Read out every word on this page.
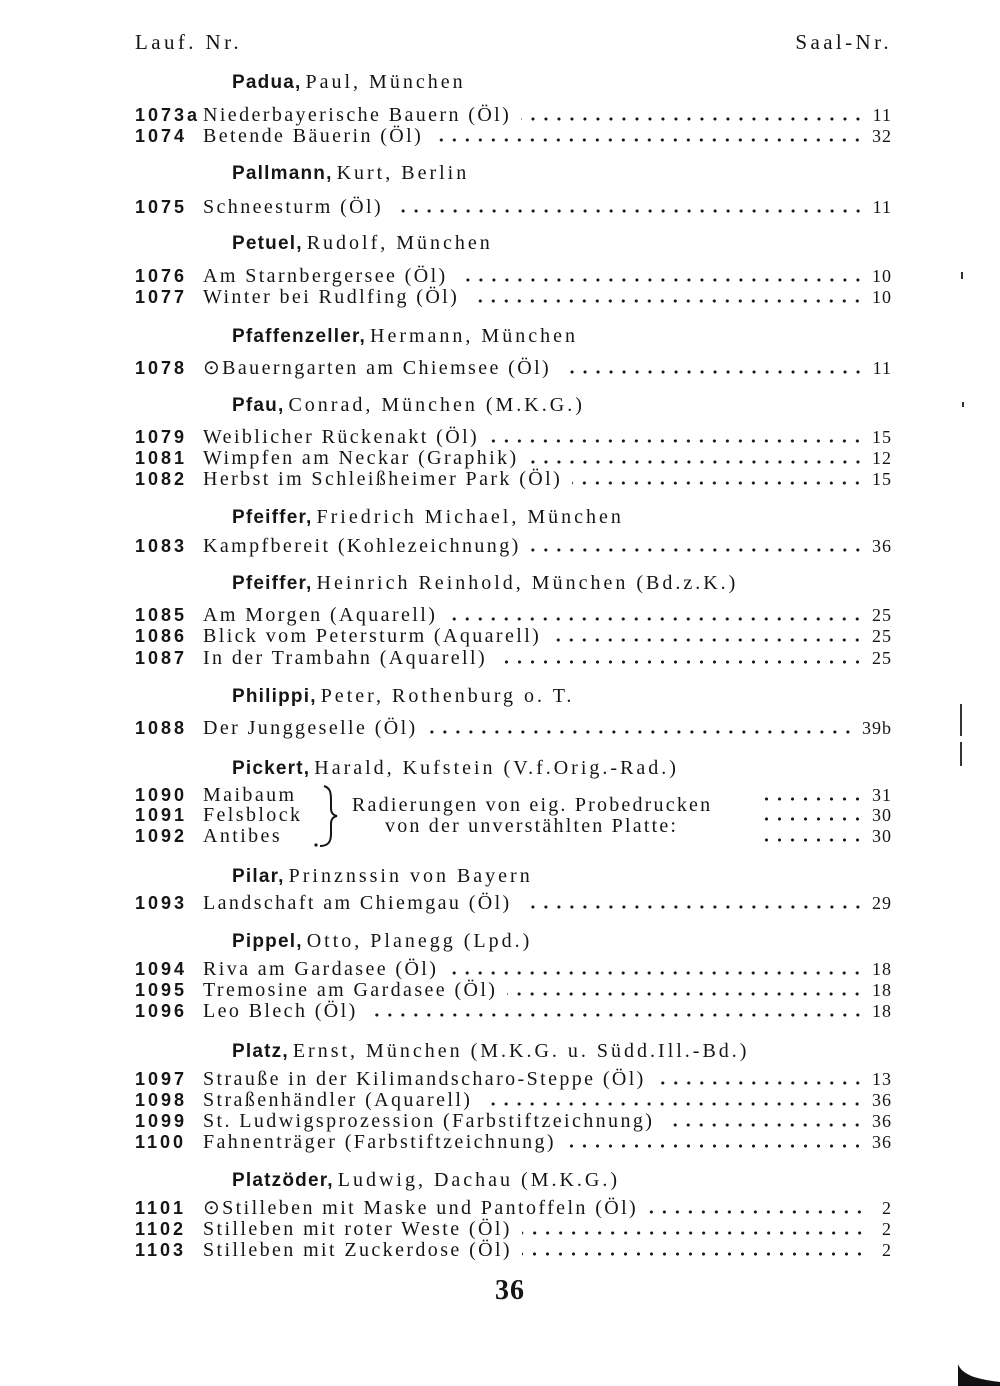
Lauf. Nr.	Saal-Nr.
Padua, Paul, München
1073a Niederbayerische Bauern (Öl)	11
1074 Betende Bäuerin (Öl)	32
Pallmann, Kurt, Berlin
1075 Schneesturm (Öl)	11
Petuel, Rudolf, München
1076 Am Starnbergersee (Öl)	10
1077 Winter bei Rudlfing (Öl)	10
Pfaffenzeller, Hermann, München
1078 ⊙Bauerngarten am Chiemsee (Öl)	11
Pfau, Conrad, München (M.K.G.)
1079 Weiblicher Rückenakt (Öl)	15
1081 Wimpfen am Neckar (Graphik)	12
1082 Herbst im Schleißheimer Park (Öl)	15
Pfeiffer, Friedrich Michael, München
1083 Kampfbereit (Kohlezeichnung)	36
Pfeiffer, Heinrich Reinhold, München (Bd.z.K.)
1085 Am Morgen (Aquarell)	25
1086 Blick vom Petersturm (Aquarell)	25
1087 In der Trambahn (Aquarell)	25
Philippi, Peter, Rothenburg o. T.
1088 Der Junggeselle (Öl)	39b
Pickert, Harald, Kufstein (V.f.Orig.-Rad.)
1090 Maibaum	31
1091 Felsblock	30
1092 Antibes	30
Radierungen von eig. Probedrucken
von der unverstählten Platte:
Pilar, Prinznssin von Bayern
1093 Landschaft am Chiemgau (Öl)	29
Pippel, Otto, Planegg (Lpd.)
1094 Riva am Gardasee (Öl)	18
1095 Tremosine am Gardasee (Öl)	18
1096 Leo Blech (Öl)	18
Platz, Ernst, München (M.K.G. u. Südd.Ill.-Bd.)
1097 Strauße in der Kilimandscharo-Steppe (Öl)	13
1098 Straßenhändler (Aquarell)	36
1099 St. Ludwigsprozession (Farbstiftzeichnung)	36
1100 Fahnenträger (Farbstiftzeichnung)	36
Platzöder, Ludwig, Dachau (M.K.G.)
1101 ⊙Stilleben mit Maske und Pantoffeln (Öl)	2
1102 Stilleben mit roter Weste (Öl)	2
1103 Stilleben mit Zuckerdose (Öl)	2
36
